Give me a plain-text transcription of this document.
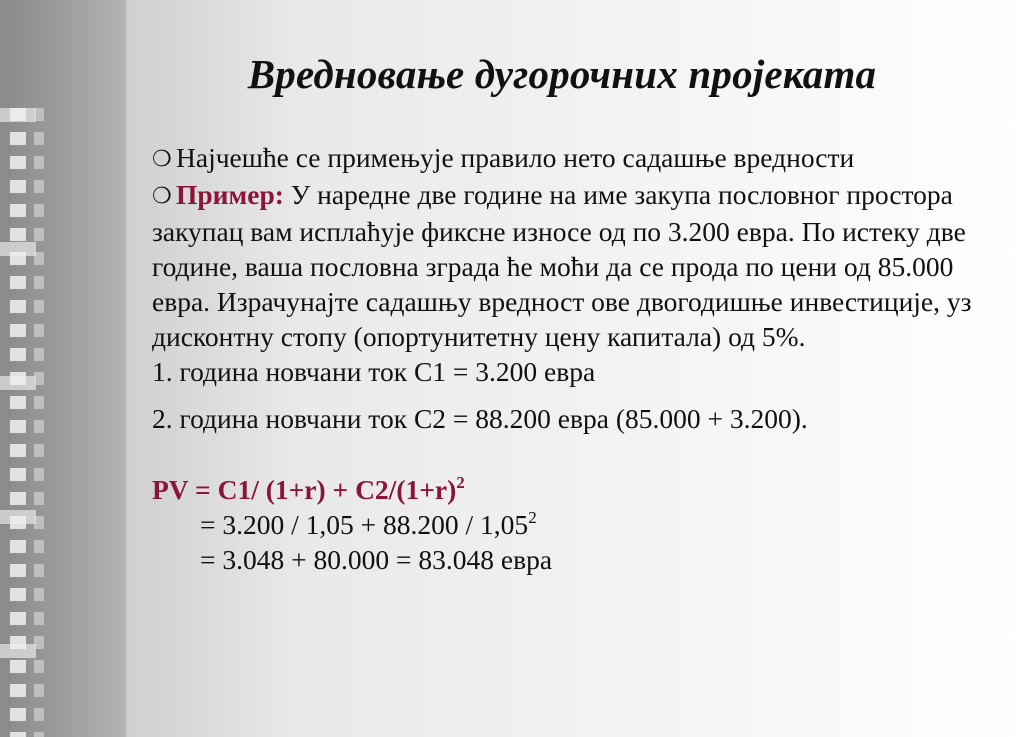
Вредновање дугорочних пројеката

❍ Најчешће се примењује правило нето садашње вредности

❍ Пример: У наредне две године на име закупа пословног простора закупац вам исплаћује фиксне износе од по 3.200 евра. По истеку две године, ваша пословна зграда ће моћи да се прода по цени од 85.000 евра. Израчунајте садашњу вредност ове двогодишње инвестиције, уз дисконтну стопу (опортунитетну цену капитала) од 5%.

1. година новчани ток C1 = 3.200 евра

2. година новчани ток C2 = 88.200 евра (85.000 + 3.200).

PV = C1/ $(1+r) + C2/(1+r)^2$

= 3.200 / 1,05 + 88.200 / 1,05$^2$

= 3.048 + 80.000 = 83.048 евра
